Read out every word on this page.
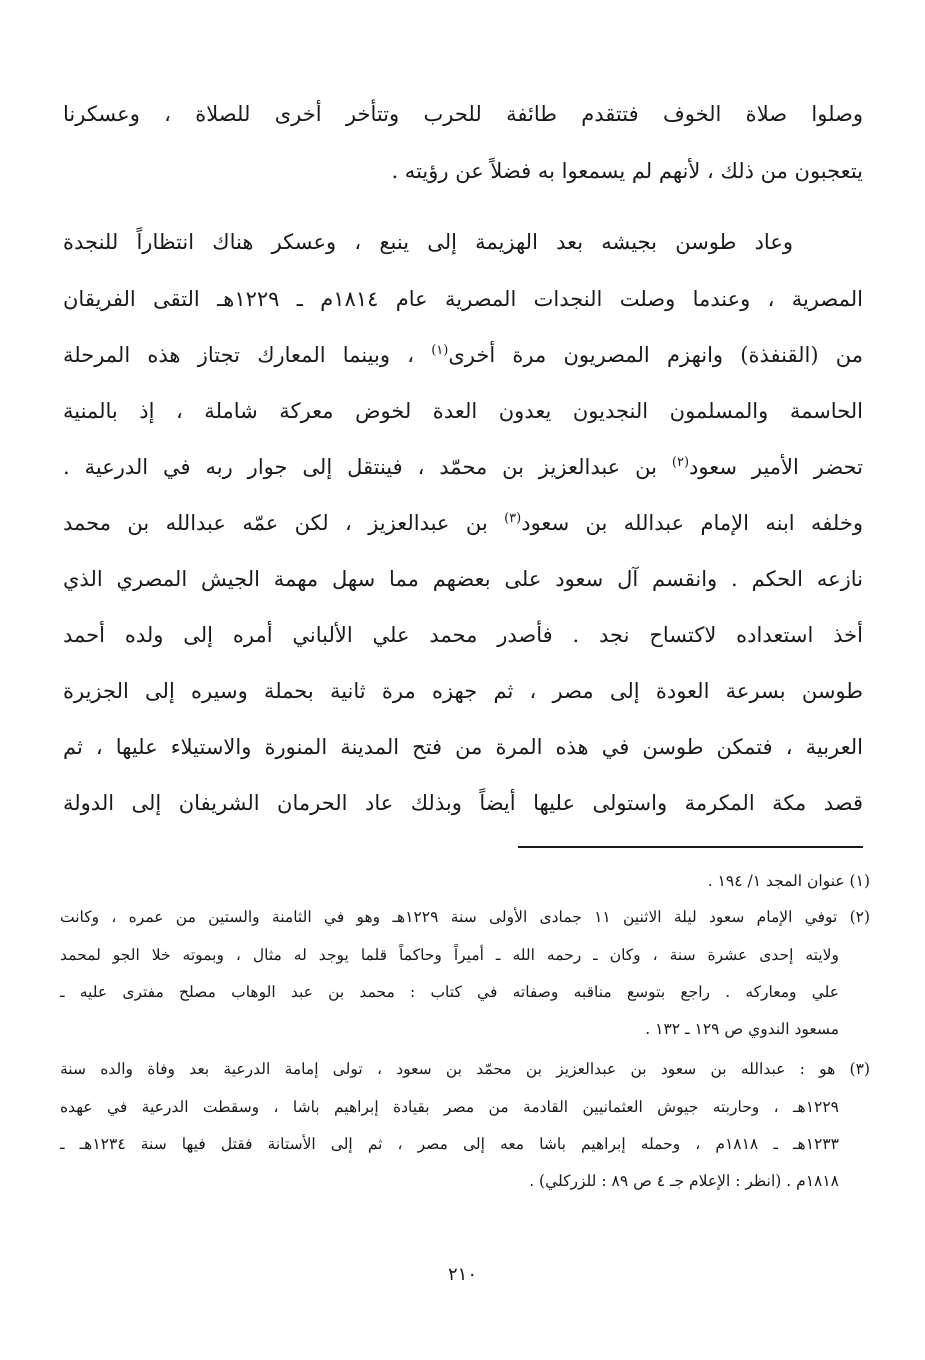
وصلوا صلاة الخوف فتتقدم طائفة للحرب وتتأخر أخرى للصلاة ، وعسكرنا
يتعجبون من ذلك ، لأنهم لم يسمعوا به فضلاً عن رؤيته .
وعاد طوسن بجيشه بعد الهزيمة إلى ينبع ، وعسكر هناك انتظاراً للنجدة
المصرية ، وعندما وصلت النجدات المصرية عام ١٨١٤م ـ ١٢٢٩هـ التقى الفريقان
من (القنفذة) وانهزم المصريون مرة أخرى$^{(١)}$ ، وبينما المعارك تجتاز هذه المرحلة
الحاسمة والمسلمون النجديون يعدون العدة لخوض معركة شاملة ، إذ بالمنية
تحضر الأمير سعود$^{(٢)}$ بن عبدالعزيز بن محمّد ، فينتقل إلى جوار ربه في الدرعية .
وخلفه ابنه الإمام عبدالله بن سعود$^{(٣)}$ بن عبدالعزيز ، لكن عمّه عبدالله بن محمد
نازعه الحكم . وانقسم آل سعود على بعضهم مما سهل مهمة الجيش المصري الذي
أخذ استعداده لاكتساح نجد . فأصدر محمد علي الألباني أمره إلى ولده أحمد
طوسن بسرعة العودة إلى مصر ، ثم جهزه مرة ثانية بحملة وسيره إلى الجزيرة
العربية ، فتمكن طوسن في هذه المرة من فتح المدينة المنورة والاستيلاء عليها ، ثم
قصد مكة المكرمة واستولى عليها أيضاً وبذلك عاد الحرمان الشريفان إلى الدولة
(١) عنوان المجد ١/ ١٩٤ .
(٢) توفي الإمام سعود ليلة الاثنين ١١ جمادى الأولى سنة ١٢٢٩هـ وهو في الثامنة والستين من عمره ، وكانت
ولايته إحدى عشرة سنة ، وكان ـ رحمه الله ـ أميراً وحاكماً قلما يوجد له مثال ، وبموته خلا الجو لمحمد
علي ومعاركه . راجع بتوسع مناقبه وصفاته في كتاب : محمد بن عبد الوهاب مصلح مفترى عليه ـ
مسعود الندوي ص ١٢٩ ـ ١٣٢ .
(٣) هو : عبدالله بن سعود بن عبدالعزيز بن محمّد بن سعود ، تولى إمامة الدرعية بعد وفاة والده سنة
١٢٢٩هـ ، وحاربته جيوش العثمانيين القادمة من مصر بقيادة إبراهيم باشا ، وسقطت الدرعية في عهده
١٢٣٣هـ ـ ١٨١٨م ، وحمله إبراهيم باشا معه إلى مصر ، ثم إلى الأستانة فقتل فيها سنة ١٢٣٤هـ ـ
١٨١٨م . (انظر : الإعلام جـ ٤ ص ٨٩ : للزركلي) .
٢١٠
